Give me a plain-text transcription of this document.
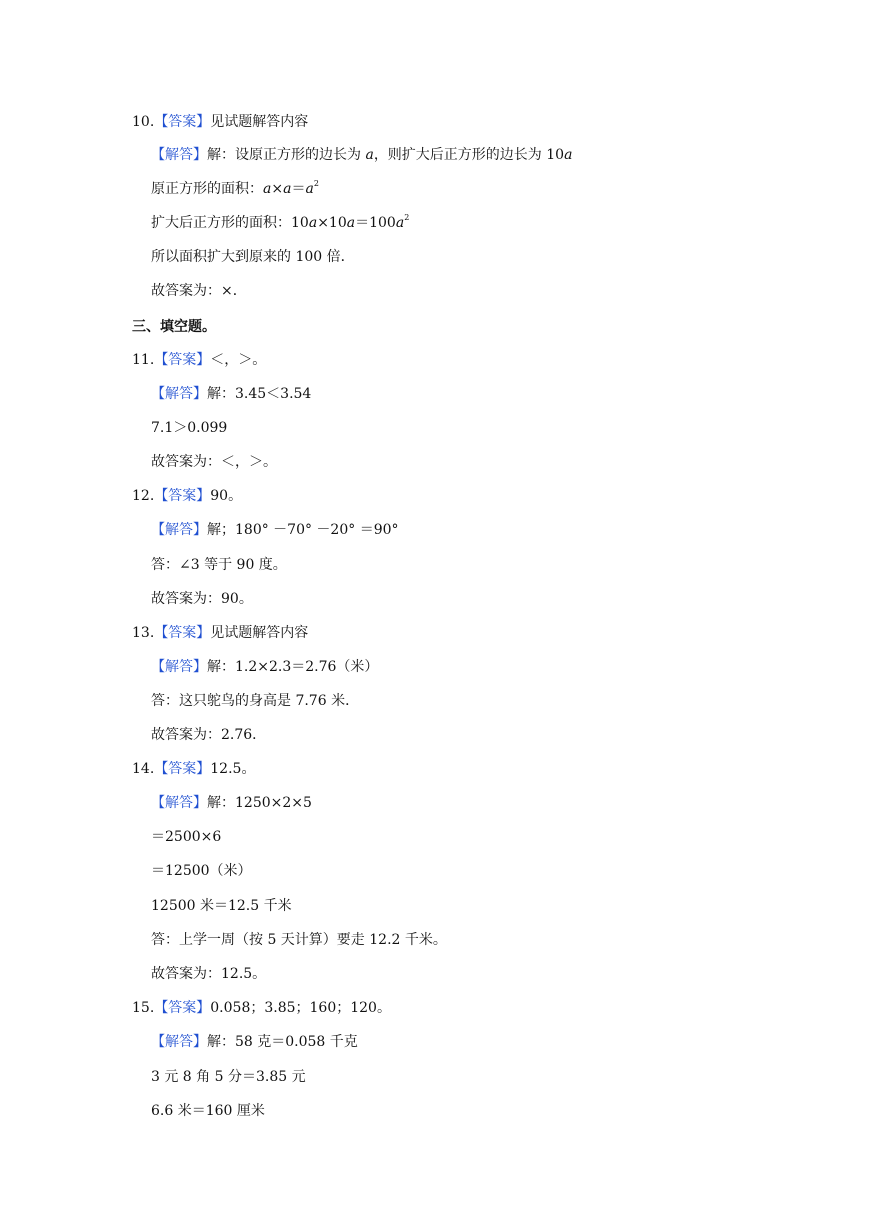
10.【答案】见试题解答内容
【解答】解：设原正方形的边长为 a，则扩大后正方形的边长为 10a
原正方形的面积：$a\times a=a^2$
扩大后正方形的面积：$10a\times 10a=100a^2$
所以面积扩大到原来的 100 倍．
故答案为：×．
三、填空题。
11.【答案】＜，＞。
【解答】解：3.45＜3.54
7.1＞0.099
故答案为：＜，＞。
12.【答案】90。
【解答】解；180° －70° －20° ＝90°
答：∠3 等于 90 度。
故答案为：90。
13.【答案】见试题解答内容
【解答】解：1.2×2.3＝2.76（米）
答：这只鸵鸟的身高是 7.76 米．
故答案为：2.76．
14.【答案】12.5。
【解答】解：1250×2×5
＝2500×6
＝12500（米）
12500 米＝12.5 千米
答：上学一周（按 5 天计算）要走 12.2 千米。
故答案为：12.5。
15.【答案】0.058；3.85；160；120。
【解答】解：58 克＝0.058 千克
3 元 8 角 5 分＝3.85 元
6.6 米＝160 厘米
